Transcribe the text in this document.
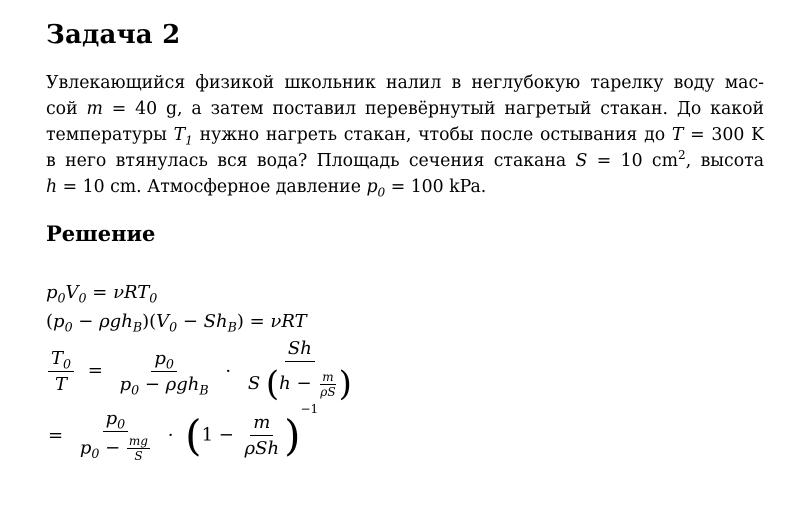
Задача 2
Увлекающийся физикой школьник налил в неглубокую тарелку воду мас-
сой m = 40 g, а затем поставил перевёрнутый нагретый стакан. До какой
температуры $T_1$ нужно нагреть стакан, чтобы после остывания до T = 300 K
в него втянулась вся вода? Площадь сечения стакана S = 10 $cm^2$, высота
h = 10 cm. Атмосферное давление $p_0 = 100$ kPa.
Решение
$p_0V_0 = \nu RT_0$
$(p_0 - \rho gh_B)(V_0 - Sh_B) = \nu RT$
$\frac{T_0}{T} = \frac{p_0}{p_0 - \rho gh_B} \cdot \frac{Sh}{S (h - \frac{m}{\rho S} )}$
= $\frac{p_0}{p_0 - \frac{mg}{S}} \cdot (1 - \frac{m}{\text{ρSh}} )^{-1}$
